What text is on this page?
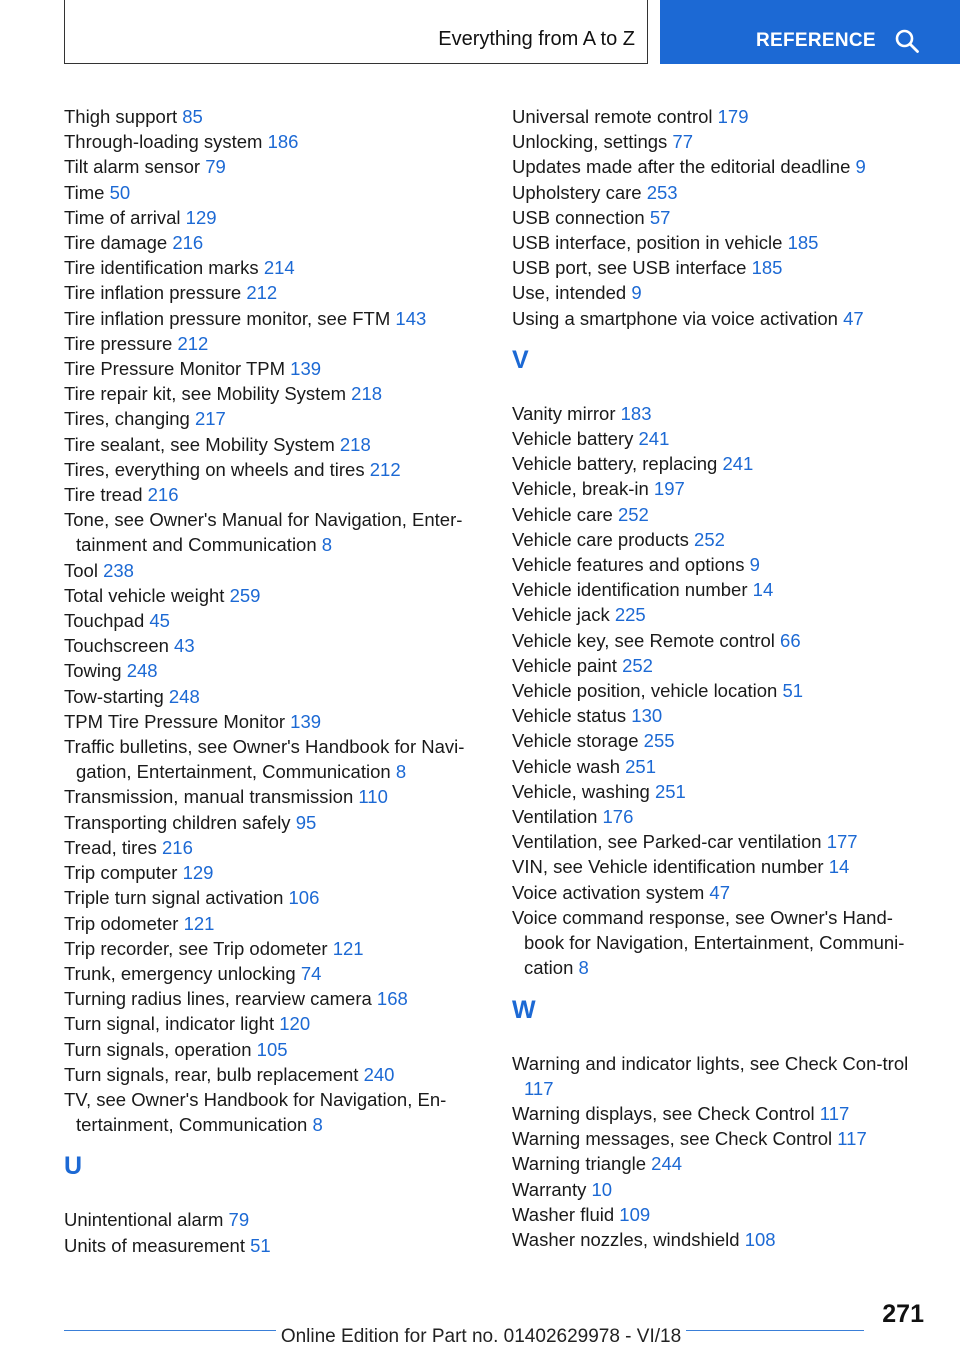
Everything from A to Z	REFERENCE
Thigh support 85
Through-loading system 186
Tilt alarm sensor 79
Time 50
Time of arrival 129
Tire damage 216
Tire identification marks 214
Tire inflation pressure 212
Tire inflation pressure monitor, see FTM 143
Tire pressure 212
Tire Pressure Monitor TPM 139
Tire repair kit, see Mobility System 218
Tires, changing 217
Tire sealant, see Mobility System 218
Tires, everything on wheels and tires 212
Tire tread 216
Tone, see Owner's Manual for Navigation, Enter-tainment and Communication 8
Tool 238
Total vehicle weight 259
Touchpad 45
Touchscreen 43
Towing 248
Tow-starting 248
TPM Tire Pressure Monitor 139
Traffic bulletins, see Owner's Handbook for Navi-gation, Entertainment, Communication 8
Transmission, manual transmission 110
Transporting children safely 95
Tread, tires 216
Trip computer 129
Triple turn signal activation 106
Trip odometer 121
Trip recorder, see Trip odometer 121
Trunk, emergency unlocking 74
Turning radius lines, rearview camera 168
Turn signal, indicator light 120
Turn signals, operation 105
Turn signals, rear, bulb replacement 240
TV, see Owner's Handbook for Navigation, En-tertainment, Communication 8
U
Unintentional alarm 79
Units of measurement 51
Universal remote control 179
Unlocking, settings 77
Updates made after the editorial deadline 9
Upholstery care 253
USB connection 57
USB interface, position in vehicle 185
USB port, see USB interface 185
Use, intended 9
Using a smartphone via voice activation 47
V
Vanity mirror 183
Vehicle battery 241
Vehicle battery, replacing 241
Vehicle, break-in 197
Vehicle care 252
Vehicle care products 252
Vehicle features and options 9
Vehicle identification number 14
Vehicle jack 225
Vehicle key, see Remote control 66
Vehicle paint 252
Vehicle position, vehicle location 51
Vehicle status 130
Vehicle storage 255
Vehicle wash 251
Vehicle, washing 251
Ventilation 176
Ventilation, see Parked-car ventilation 177
VIN, see Vehicle identification number 14
Voice activation system 47
Voice command response, see Owner's Hand-book for Navigation, Entertainment, Communi-cation 8
W
Warning and indicator lights, see Check Con-trol 117
Warning displays, see Check Control 117
Warning messages, see Check Control 117
Warning triangle 244
Warranty 10
Washer fluid 109
Washer nozzles, windshield 108
271
Online Edition for Part no. 01402629978 - VI/18
